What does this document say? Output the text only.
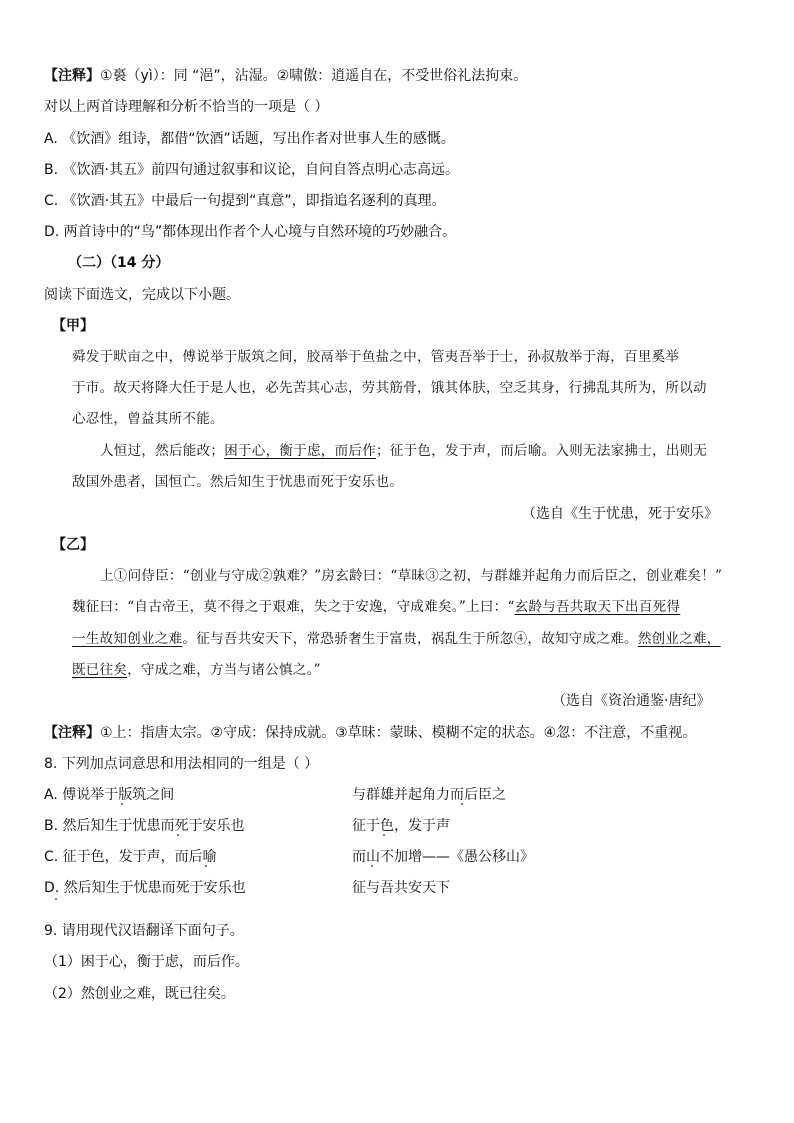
【注释】①裛（yì）：同 “浥”，沾湿。②啸傲：逍遥自在，不受世俗礼法拘束。
对以上两首诗理解和分析不恰当的一项是（ ）
A. 《饮酒》组诗，都借“饮酒”话题，写出作者对世事人生的感慨。
B. 《饮酒·其五》前四句通过叙事和议论，自问自答点明心志高远。
C. 《饮酒·其五》中最后一句提到“真意”，即指追名逐利的真理。
D. 两首诗中的“鸟”都体现出作者个人心境与自然环境的巧妙融合。
（二）（14 分）
阅读下面选文，完成以下小题。
【甲】
舜发于畎亩之中，傅说举于版筑之间，胶鬲举于鱼盐之中，管夷吾举于士，孙叔敖举于海，百里奚举
于市。故天将降大任于是人也，必先苦其心志，劳其筋骨，饿其体肤，空乏其身，行拂乱其所为，所以动
心忍性，曾益其所不能。
人恒过，然后能改；困于心，衡于虑，而后作；征于色，发于声，而后喻。入则无法家拂士，出则无
敌国外患者，国恒亡。然后知生于忧患而死于安乐也。
（选自《生于忧患，死于安乐》
【乙】
上①问侍臣：“创业与守成②孰难？”房玄龄曰：“草昧③之初，与群雄并起角力而后臣之，创业难矣！”
魏征曰：“自古帝王，莫不得之于艰难，失之于安逸，守成难矣。”上曰：“玄龄与吾共取天下出百死得
一生故知创业之难。征与吾共安天下，常恐骄奢生于富贵，祸乱生于所忽④，故知守成之难。然创业之难，
既已往矣，守成之难，方当与诸公慎之。”
（选自《资治通鉴·唐纪》
【注释】①上：指唐太宗。②守成：保持成就。③草昧：蒙昧、模糊不定的状态。④忽：不注意，不重视。
8. 下列加点词意思和用法相同的一组是（ ）
A. 傅说举于版筑之间	与群雄并起角力而后臣之
B. 然后知生于忧患而死于安乐也	征于色，发于声
C. 征于色，发于声，而后喻	而山不加增——《愚公移山》
D. 然后知生于忧患而死于安乐也	征与吾共安天下
9. 请用现代汉语翻译下面句子。
（1）困于心，衡于虑，而后作。
（2）然创业之难，既已往矣。
